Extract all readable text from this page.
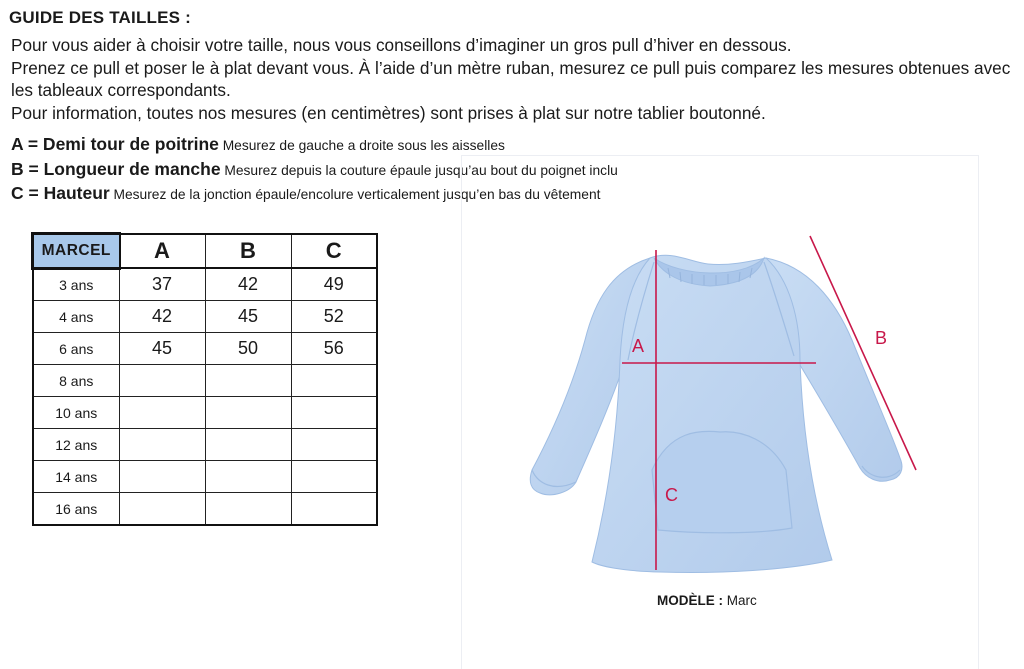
GUIDE DES TAILLES :

Pour vous aider à choisir votre taille, nous vous conseillons d’imaginer un gros pull d’hiver en dessous.

Prenez ce pull et poser le à plat devant vous. À l’aide d’un mètre ruban, mesurez ce pull puis comparez les mesures obtenues avec les tableaux correspondants.

Pour information, toutes nos mesures (en centimètres) sont prises à plat sur notre tablier boutonné.

A = Demi tour de poitrine Mesurez de gauche a droite sous les aisselles
B = Longueur de manche Mesurez depuis la couture épaule jusqu’au bout du poignet inclu
C = Hauteur Mesurez de la jonction épaule/encolure verticalement jusqu’en bas du vêtement
MARCEL	A	B	C
3 ans	37	42	49
4 ans	42	45	52
6 ans	45	50	56
8 ans			
10 ans			
12 ans			
14 ans			
16 ans			
A	B
C
MODÈLE : Marc
